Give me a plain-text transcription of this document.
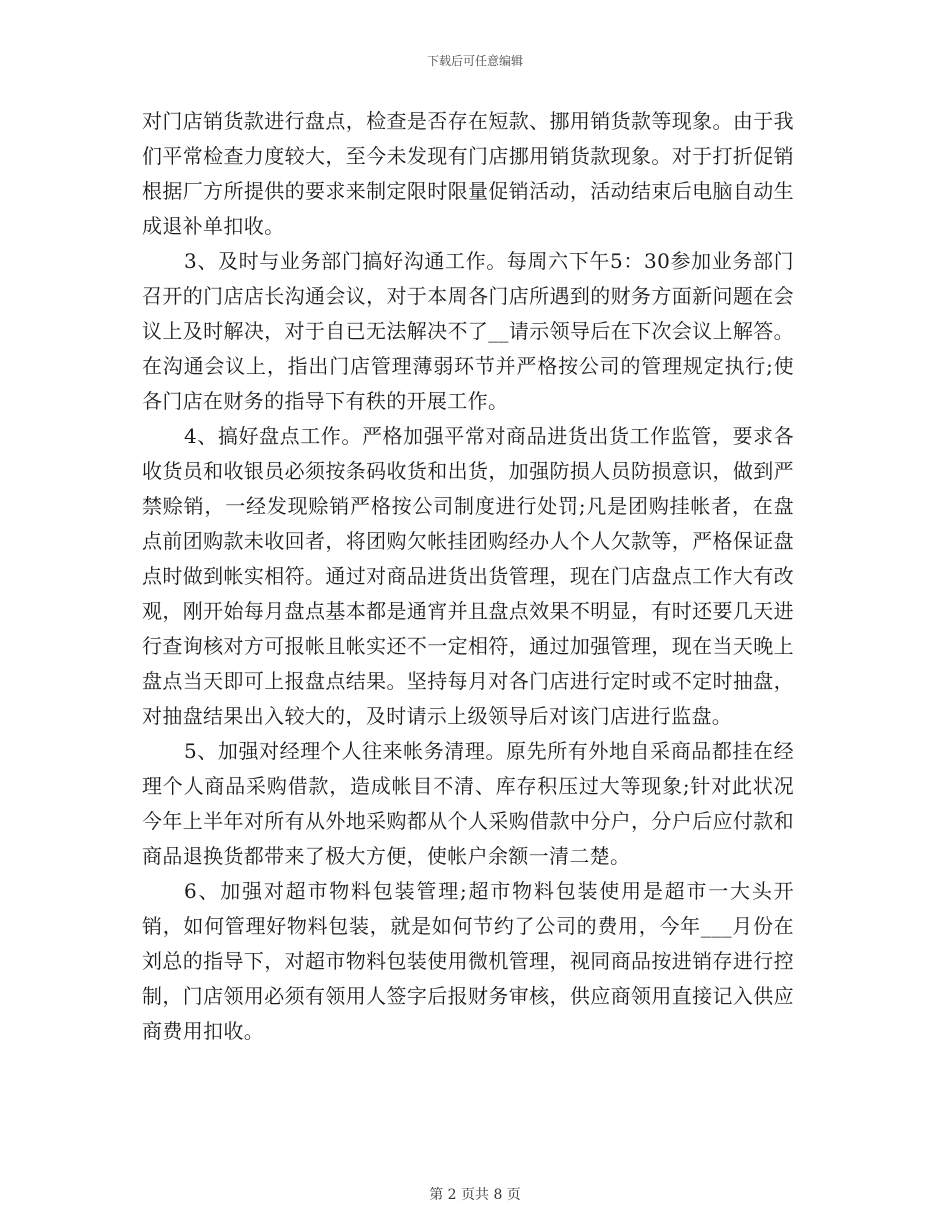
下载后可任意编辑

对门店销货款进行盘点，检查是否存在短款、挪用销货款等现象。由于我们平常检查力度较大，至今未发现有门店挪用销货款现象。对于打折促销根据厂方所提供的要求来制定限时限量促销活动，活动结束后电脑自动生成退补单扣收。

3、及时与业务部门搞好沟通工作。每周六下午5：30参加业务部门召开的门店店长沟通会议，对于本周各门店所遇到的财务方面新问题在会议上及时解决，对于自已无法解决不了__请示领导后在下次会议上解答。在沟通会议上，指出门店管理薄弱环节并严格按公司的管理规定执行;使各门店在财务的指导下有秩的开展工作。

4、搞好盘点工作。严格加强平常对商品进货出货工作监管，要求各收货员和收银员必须按条码收货和出货，加强防损人员防损意识，做到严禁赊销，一经发现赊销严格按公司制度进行处罚;凡是团购挂帐者，在盘点前团购款未收回者，将团购欠帐挂团购经办人个人欠款等，严格保证盘点时做到帐实相符。通过对商品进货出货管理，现在门店盘点工作大有改观，刚开始每月盘点基本都是通宵并且盘点效果不明显，有时还要几天进行查询核对方可报帐且帐实还不一定相符，通过加强管理，现在当天晚上盘点当天即可上报盘点结果。坚持每月对各门店进行定时或不定时抽盘，对抽盘结果出入较大的，及时请示上级领导后对该门店进行监盘。

5、加强对经理个人往来帐务清理。原先所有外地自采商品都挂在经理个人商品采购借款，造成帐目不清、库存积压过大等现象;针对此状况今年上半年对所有从外地采购都从个人采购借款中分户，分户后应付款和商品退换货都带来了极大方便，使帐户余额一清二楚。

6、加强对超市物料包装管理;超市物料包装使用是超市一大头开销，如何管理好物料包装，就是如何节约了公司的费用，今年___月份在刘总的指导下，对超市物料包装使用微机管理，视同商品按进销存进行控制，门店领用必须有领用人签字后报财务审核，供应商领用直接记入供应商费用扣收。

第 2 页共 8 页
